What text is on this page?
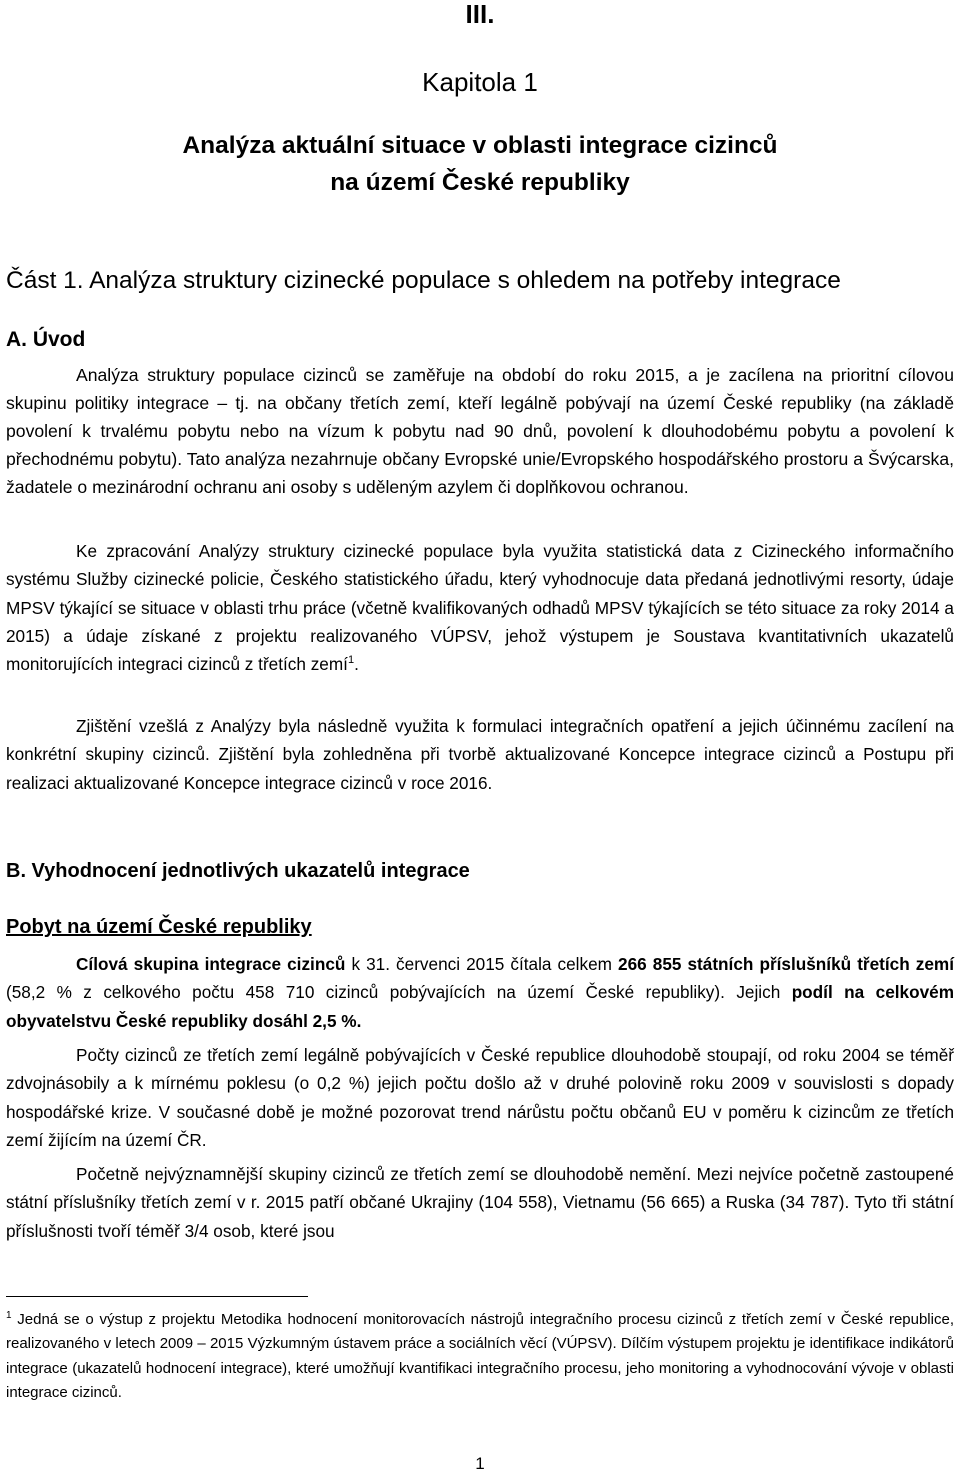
III.
Kapitola 1
Analýza aktuální situace v oblasti integrace cizinců
na území České republiky
Část 1. Analýza struktury cizinecké populace s ohledem na potřeby integrace
A. Úvod

Analýza struktury populace cizinců se zaměřuje na období do roku 2015, a je zacílena na prioritní cílovou skupinu politiky integrace – tj. na občany třetích zemí, kteří legálně pobývají na území České republiky (na základě povolení k trvalému pobytu nebo na vízum k pobytu nad 90 dnů, povolení k dlouhodobému pobytu a povolení k přechodnému pobytu). Tato analýza nezahrnuje občany Evropské unie/Evropského hospodářského prostoru a Švýcarska, žadatele o mezinárodní ochranu ani osoby s uděleným azylem či doplňkovou ochranou.

Ke zpracování Analýzy struktury cizinecké populace byla využita statistická data z Cizineckého informačního systému Služby cizinecké policie, Českého statistického úřadu, který vyhodnocuje data předaná jednotlivými resorty, údaje MPSV týkající se situace v oblasti trhu práce (včetně kvalifikovaných odhadů MPSV týkajících se této situace za roky 2014 a 2015) a údaje získané z projektu realizovaného VÚPSV, jehož výstupem je Soustava kvantitativních ukazatelů monitorujících integraci cizinců z třetích zemí$^1$.

Zjištění vzešlá z Analýzy byla následně využita k formulaci integračních opatření a jejich účinnému zacílení na konkrétní skupiny cizinců. Zjištění byla zohledněna při tvorbě aktualizované Koncepce integrace cizinců a Postupu při realizaci aktualizované Koncepce integrace cizinců v roce 2016.

B. Vyhodnocení jednotlivých ukazatelů integrace
Pobyt na území České republiky

Cílová skupina integrace cizinců k 31. červenci 2015 čítala celkem 266 855 státních příslušníků třetích zemí (58,2 % z celkového počtu 458 710 cizinců pobývajících na území České republiky). Jejich podíl na celkovém obyvatelstvu České republiky dosáhl 2,5 %.

Počty cizinců ze třetích zemí legálně pobývajících v České republice dlouhodobě stoupají, od roku 2004 se téměř zdvojnásobily a k mírnému poklesu (o 0,2 %) jejich počtu došlo až v druhé polovině roku 2009 v souvislosti s dopady hospodářské krize. V současné době je možné pozorovat trend nárůstu počtu občanů EU v poměru k cizincům ze třetích zemí žijícím na území ČR.

Početně nejvýznamnější skupiny cizinců ze třetích zemí se dlouhodobě nemění. Mezi nejvíce početně zastoupené státní příslušníky třetích zemí v r. 2015 patří občané Ukrajiny (104 558), Vietnamu (56 665) a Ruska (34 787). Tyto tři státní příslušnosti tvoří téměř 3/4 osob, které jsou

$^1$ Jedná se o výstup z projektu Metodika hodnocení monitorovacích nástrojů integračního procesu cizinců z třetích zemí v České republice, realizovaného v letech 2009 – 2015 Výzkumným ústavem práce a sociálních věcí (VÚPSV). Dílčím výstupem projektu je identifikace indikátorů integrace (ukazatelů hodnocení integrace), které umožňují kvantifikaci integračního procesu, jeho monitoring a vyhodnocování vývoje v oblasti integrace cizinců.

1
